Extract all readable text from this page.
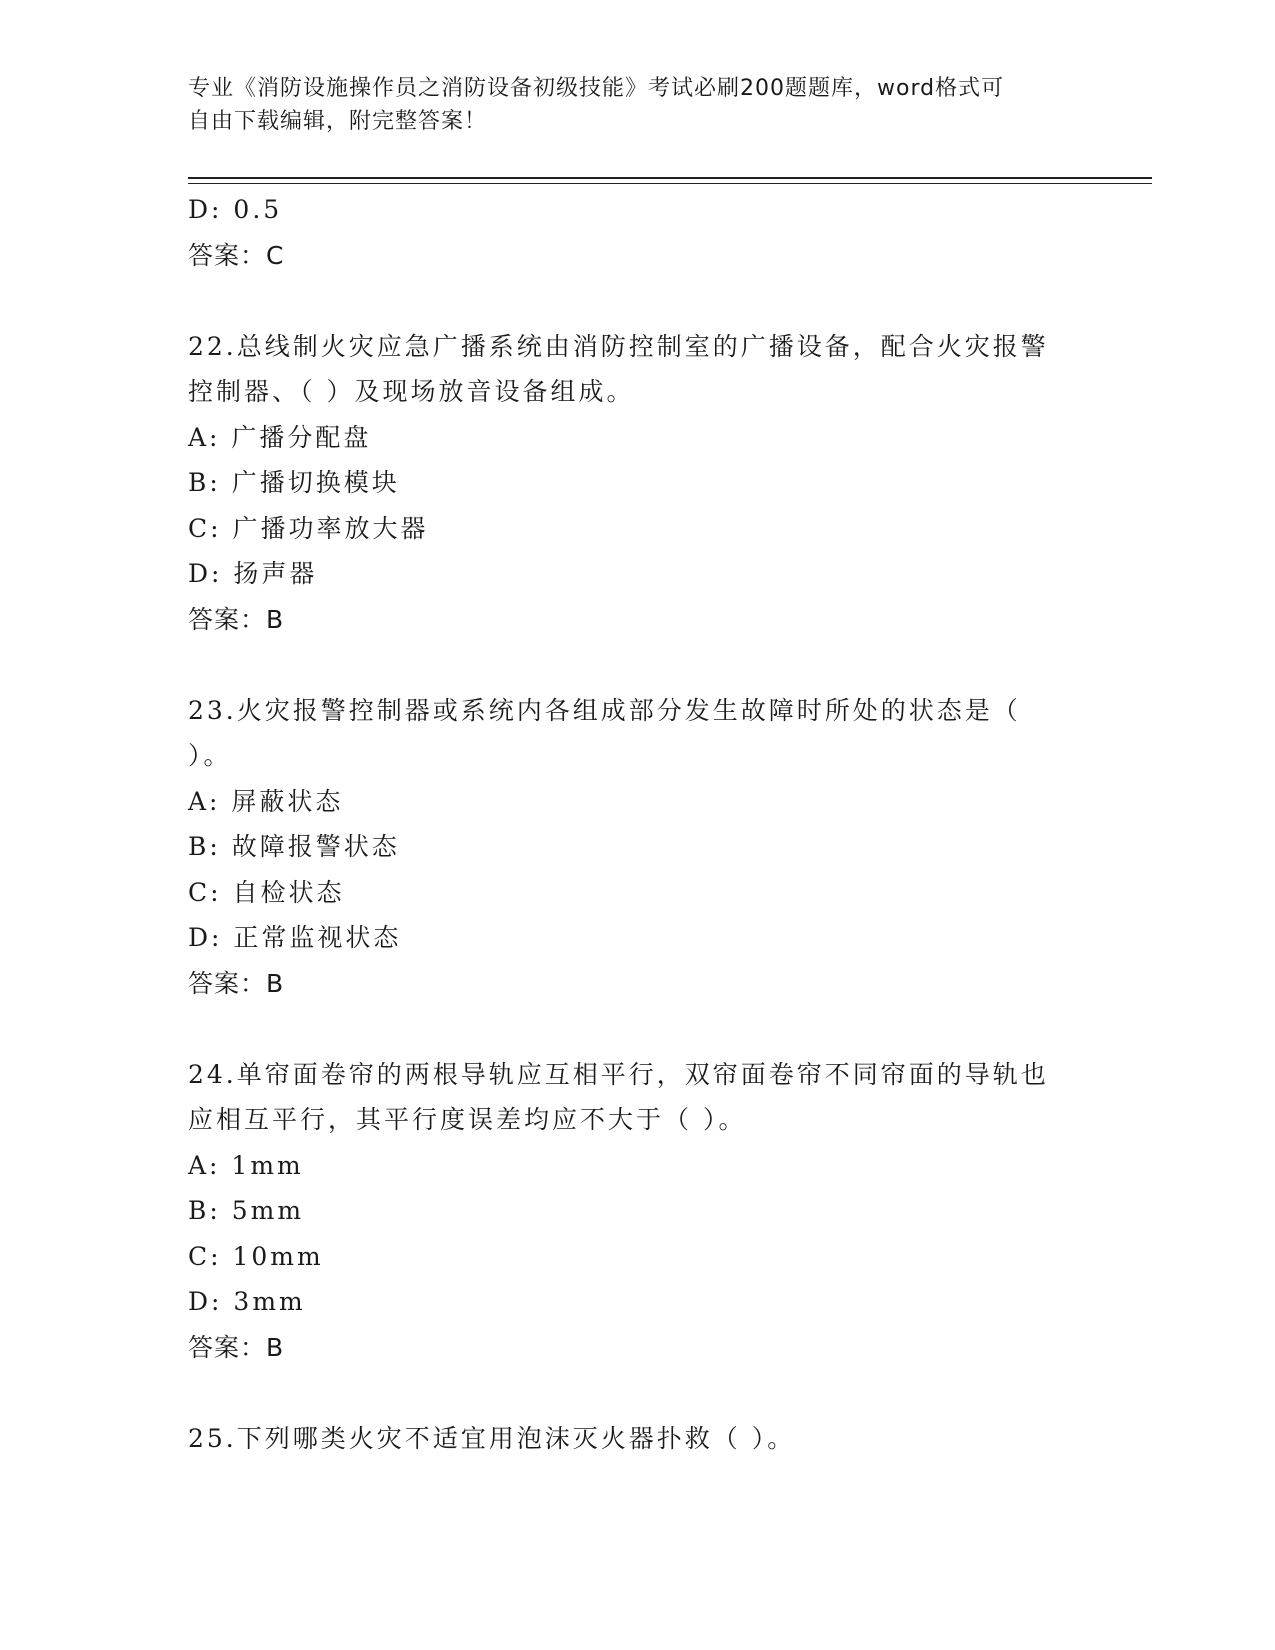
专业《消防设施操作员之消防设备初级技能》考试必刷200题题库，word格式可
自由下载编辑，附完整答案！
D: 0.5
答案：C
22.总线制火灾应急广播系统由消防控制室的广播设备，配合火灾报警
控制器、（ ）及现场放音设备组成。
A: 广播分配盘
B: 广播切换模块
C: 广播功率放大器
D: 扬声器
答案：B
23.火灾报警控制器或系统内各组成部分发生故障时所处的状态是（
）。
A: 屏蔽状态
B: 故障报警状态
C: 自检状态
D: 正常监视状态
答案：B
24.单帘面卷帘的两根导轨应互相平行，双帘面卷帘不同帘面的导轨也
应相互平行，其平行度误差均应不大于（ ）。
A: 1mm
B: 5mm
C: 10mm
D: 3mm
答案：B
25.下列哪类火灾不适宜用泡沫灭火器扑救（ ）。
